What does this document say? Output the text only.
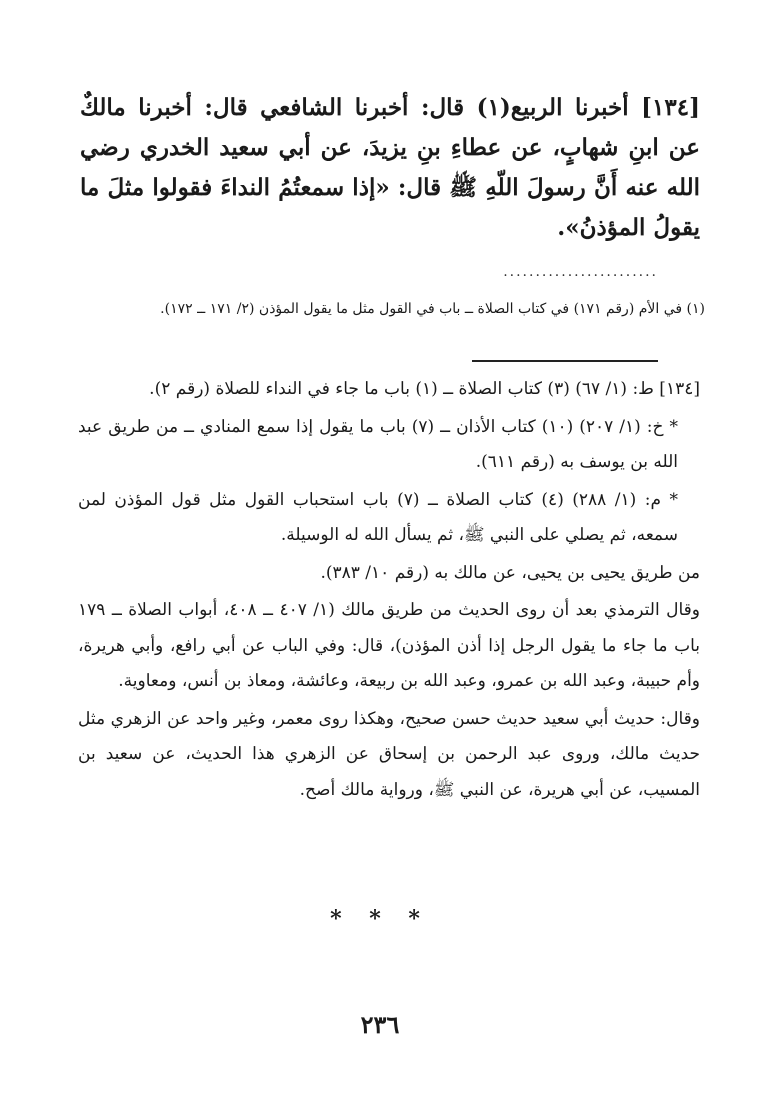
[١٣٤] أخبرنا الربيع(١) قال: أخبرنا الشافعي قال: أخبرنا مالكٌ عن ابنِ شهابٍ، عن عطاءِ بنِ يزيدَ، عن أبي سعيد الخدري رضي الله عنه أَنَّ رسولَ اللّهِ ﷺ قال: «إذا سمعتُمُ النداءَ فقولوا مثلَ ما يقولُ المؤذنُ».

........................
(١) في الأم (رقم ١٧١) في كتاب الصلاة ــ باب في القول مثل ما يقول المؤذن (٢/ ١٧١ ــ ١٧٢).

[١٣٤] ط: (١/ ٦٧) (٣) كتاب الصلاة ــ (١) باب ما جاء في النداء للصلاة (رقم ٢).

* خ: (١/ ٢٠٧) (١٠) كتاب الأذان ــ (٧) باب ما يقول إذا سمع المنادي ــ من طريق عبد الله بن يوسف به (رقم ٦١١).

* م: (١/ ٢٨٨) (٤) كتاب الصلاة ــ (٧) باب استحباب القول مثل قول المؤذن لمن سمعه، ثم يصلي على النبي ﷺ، ثم يسأل الله له الوسيلة.

من طريق يحيى بن يحيى، عن مالك به (رقم ١٠/ ٣٨٣).

وقال الترمذي بعد أن روى الحديث من طريق مالك (١/ ٤٠٧ ــ ٤٠٨، أبواب الصلاة ــ ١٧٩ باب ما جاء ما يقول الرجل إذا أذن المؤذن)، قال: وفي الباب عن أبي رافع، وأبي هريرة، وأم حبيبة، وعبد الله بن عمرو، وعبد الله بن ربيعة، وعائشة، ومعاذ بن أنس، ومعاوية.

وقال: حديث أبي سعيد حديث حسن صحيح، وهكذا روى معمر، وغير واحد عن الزهري مثل حديث مالك، وروى عبد الرحمن بن إسحاق عن الزهري هذا الحديث، عن سعيد بن المسيب، عن أبي هريرة، عن النبي ﷺ، ورواية مالك أصح.

* * *
٢٣٦
